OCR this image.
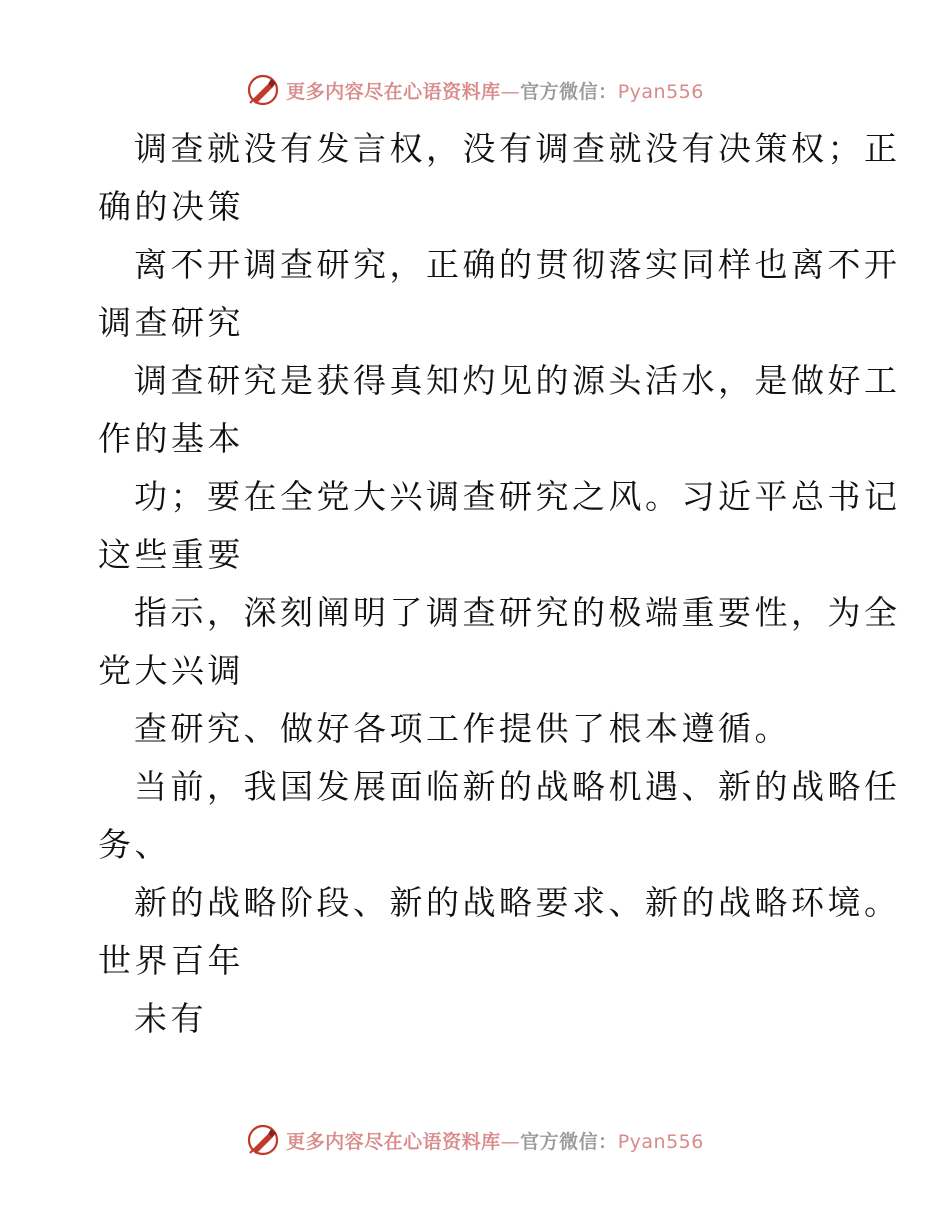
更多内容尽在心语资料库—官方微信：Pyan556
调查就没有发言权，没有调查就没有决策权；正
确的决策
离不开调查研究，正确的贯彻落实同样也离不开
调查研究
调查研究是获得真知灼见的源头活水，是做好工
作的基本
功；要在全党大兴调查研究之风。习近平总书记
这些重要
指示，深刻阐明了调查研究的极端重要性，为全
党大兴调
查研究、做好各项工作提供了根本遵循。
当前，我国发展面临新的战略机遇、新的战略任
务、
新的战略阶段、新的战略要求、新的战略环境。
世界百年
未有
更多内容尽在心语资料库—官方微信：Pyan556
